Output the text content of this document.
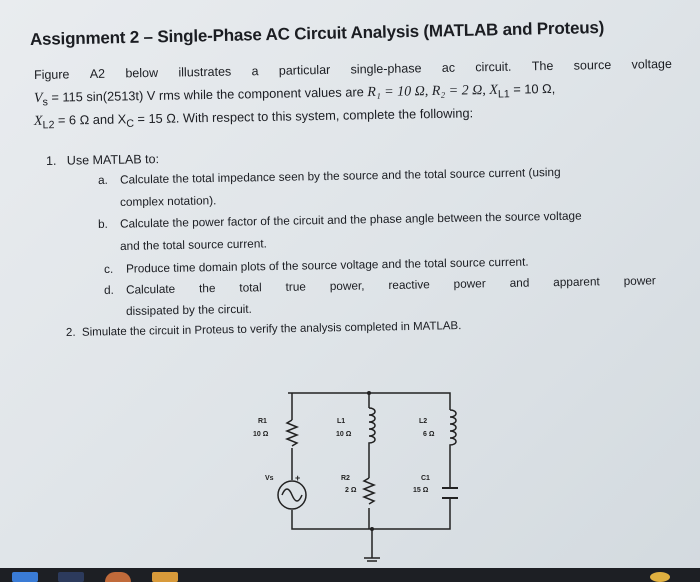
Assignment 2 – Single-Phase AC Circuit Analysis (MATLAB and Proteus)
Figure A2 below illustrates a particular single-phase ac circuit. The source voltage
$V_s = 115$ sin(2513t) V rms while the component values are R₁ = 10 Ω, R₂ = 2 Ω, $X_{L1} = 10$ Ω,
$X_{L2} = 6$ Ω and $X_C = 15$ Ω. With respect to this system, complete the following:
1. Use MATLAB to:
a. Calculate the total impedance seen by the source and the total source current (using
complex notation).
b. Calculate the power factor of the circuit and the phase angle between the source voltage
and the total source current.
c. Produce time domain plots of the source voltage and the total source current.
d.	Calculate the total true power, reactive power and apparent power
dissipated by the circuit.
2. Simulate the circuit in Proteus to verify the analysis completed in MATLAB.
R1
10 Ω
L1
10 Ω
L2
6 Ω
Vs +	R2
2 Ω
C1
15 Ω
